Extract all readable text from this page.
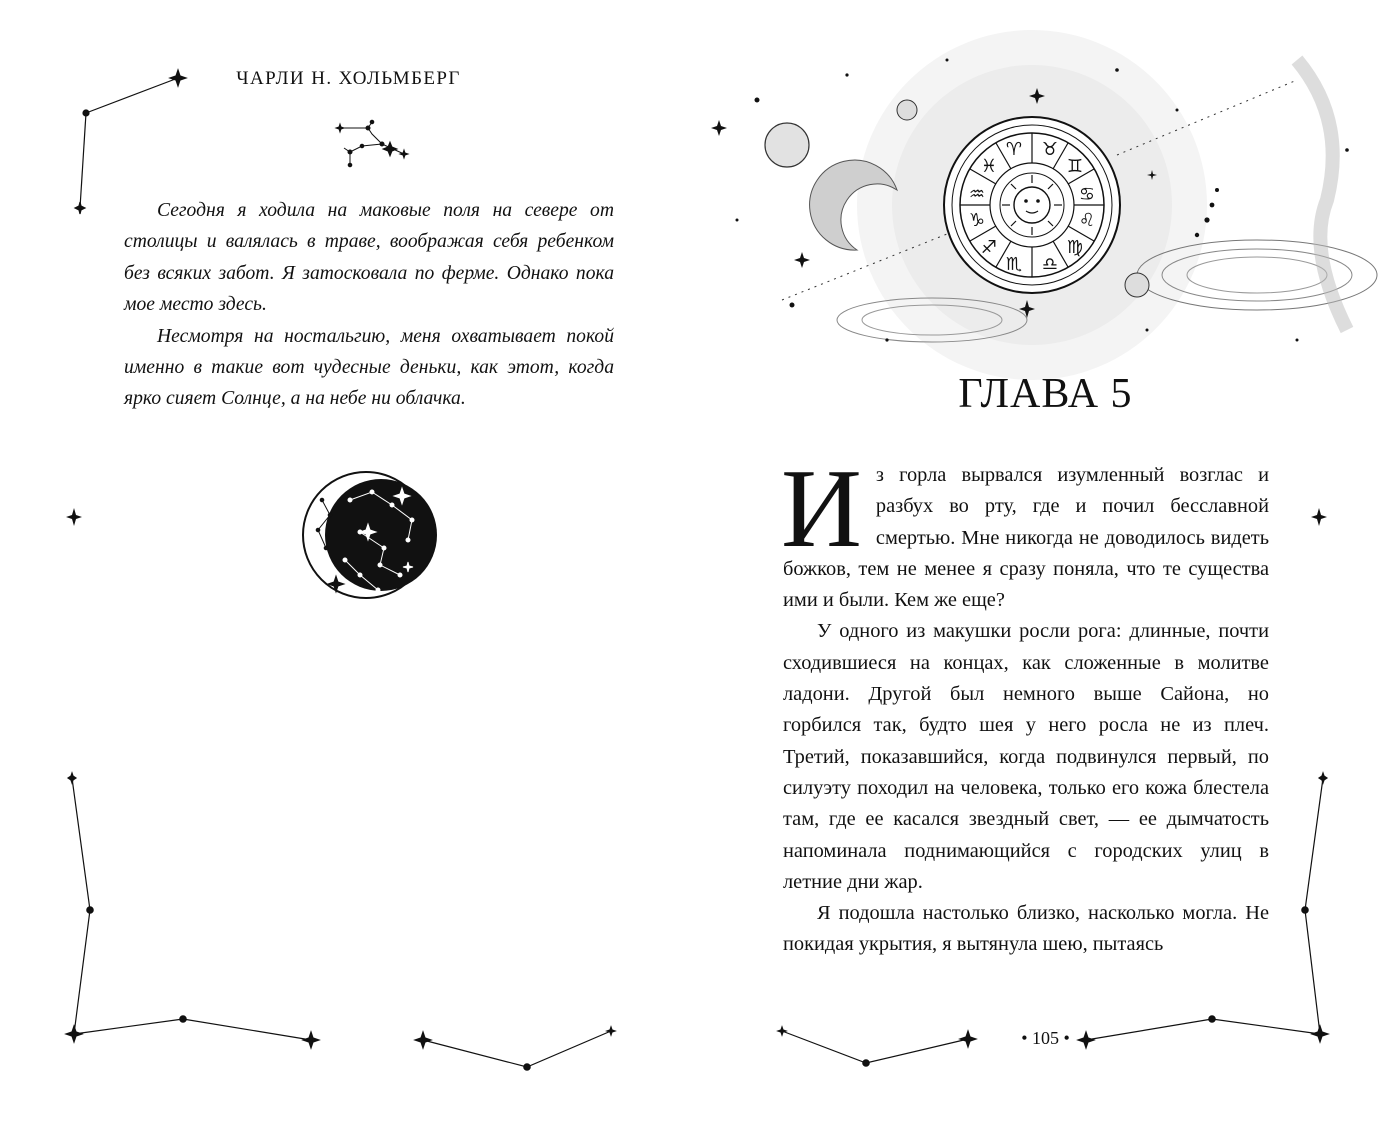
ЧАРЛИ Н. ХОЛЬМБЕРГ

Сегодня я ходила на маковые поля на севере от столицы и валялась в траве, воображая себя ребенком без всяких забот. Я затосковала по ферме. Однако пока мое место здесь.

Несмотря на ностальгию, меня охватывает покой именно в такие вот чудесные деньки, как этот, когда ярко сияет Солнце, а на небе ни облачка.

♈ ♉
♊
♋
♌
♍
♎
♏
♐
♑
♒
♓
ГЛАВА 5

Из горла вырвался изумленный возглас и разбух во рту, где и почил бесславной смертью. Мне никогда не доводилось видеть божков, тем не менее я сразу поняла, что те существа ими и были. Кем же еще?

У одного из макушки росли рога: длинные, почти сходившиеся на концах, как сложенные в молитве ладони. Другой был немного выше Сайона, но горбился так, будто шея у него росла не из плеч. Третий, показавшийся, когда подвинулся первый, по силуэту походил на человека, только его кожа блестела там, где ее касался звездный свет, — ее дымчатость напоминала поднимающийся с городских улиц в летние дни жар.

Я подошла настолько близко, насколько могла. Не покидая укрытия, я вытянула шею, пытаясь

• 105 •
